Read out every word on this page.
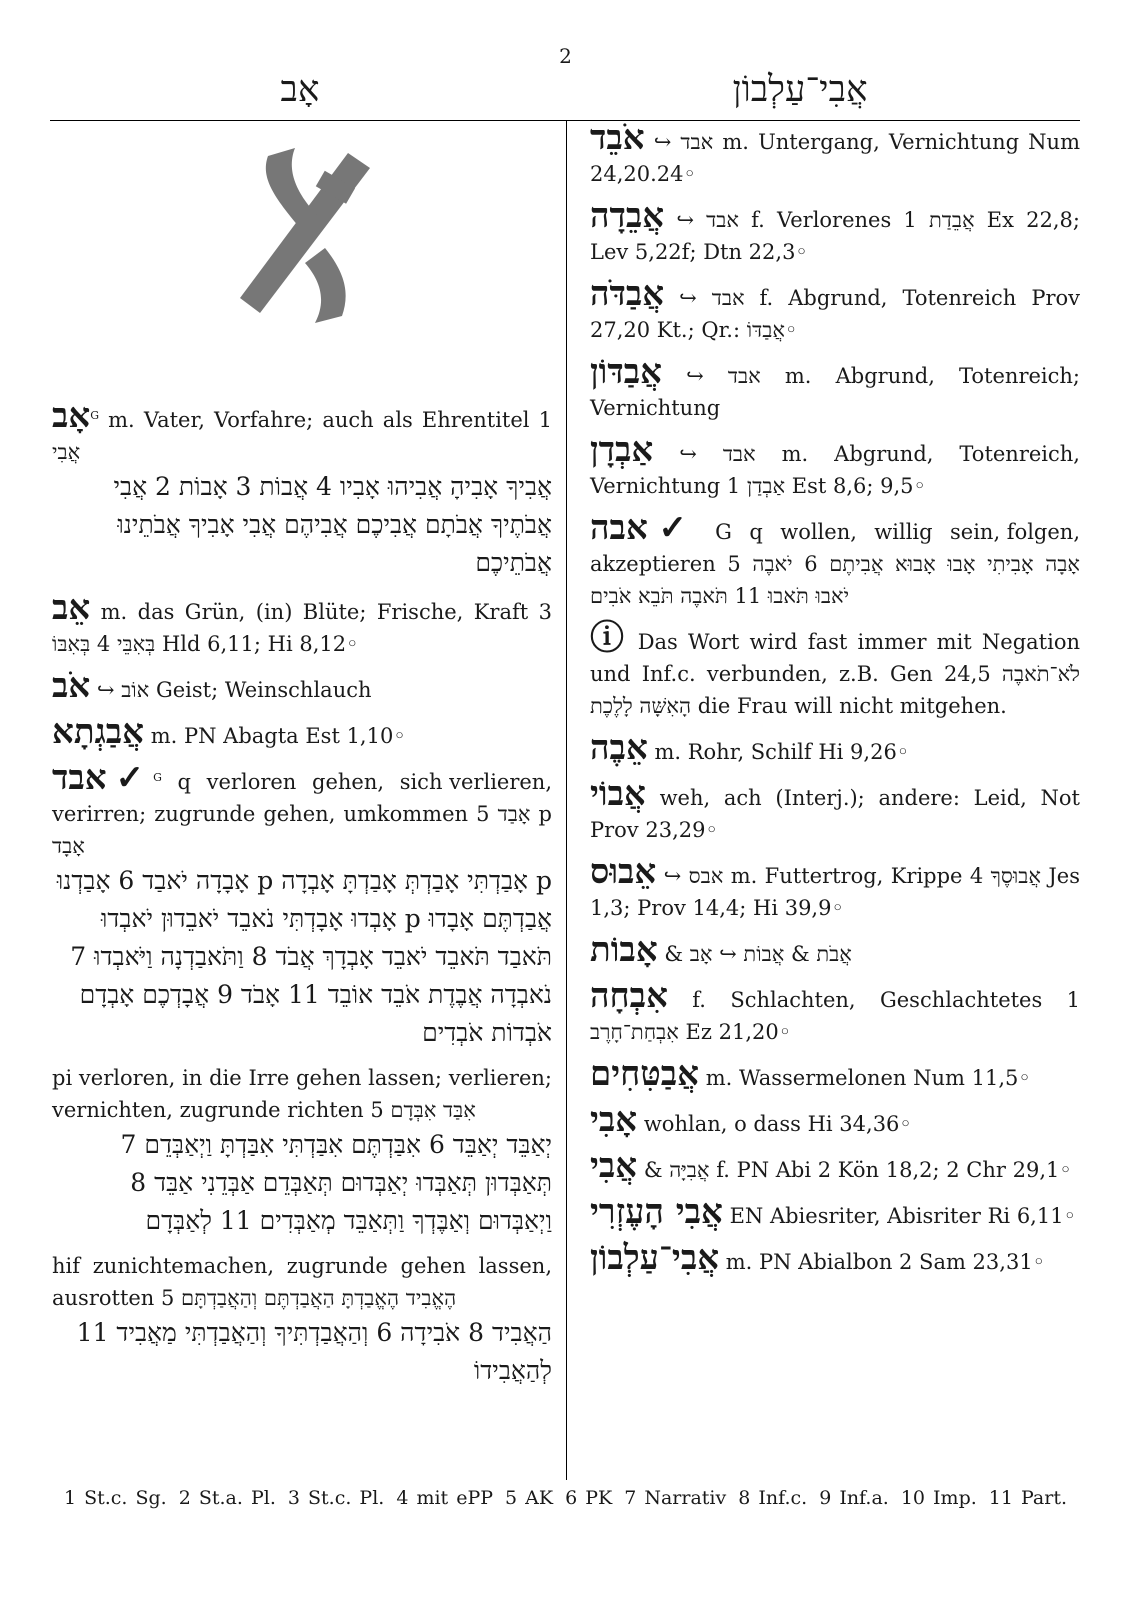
2
אָב	אֲבִי־עַלְבוֹן
אָב$^G$ m. Vater, Vorfahre; auch als Ehrentitel 1 אֲבִי
אֲבִיךָ אָבִיהָ אֲבִיהוּ אָבִיו 4 אֲבוֹת 3 אָבוֹת 2 אֲבִי אֲבֹתֶיךָ אֲבֹתָם אֲבִיכֶם אֲבִיהֶם אֲבִי אָבִיךָ אֲבֹתֵינוּ אֲבֹתֵיכֶם
אֵב m. das Grün, (in) Blüte; Frische, Kraft 3 בְּאִבֵּי 4 בְּאִבּוֹ Hld 6,11; Hi 8,12◦
אֹב ↪ אוֹב Geist; Weinschlauch
אֲבַגְתָא m. PN Abagta Est 1,10◦
✓אבד$^G$ q verloren gehen, sich verlieren, verirren; zugrunde gehen, umkommen 5 אָבַד p אָבָד
p אָבַדְתִּי אָבַדְתְּ אָבַדְתָּ אָבְדָה p אָבָדָה יֹאבַד 6 אָבַדְנוּ אֲבַדְתֶּם אָבָדוּ p אָבְדוּ אָבָדְתִּי נֹאבֵד יֹאבֵדוּן יֹאבְדוּ תֹּאבַד תֹּאבֵד יֹאבֵד אָבְדָךְ אֲבֹד 8 וַתֹּאבַדְנָה וַיֹּאבְדוּ 7 נֹאבְדָה אֲבֶדֶת אֹבֵד אוֹבֵד 11 אָבֹד 9 אֲבָדְכֶם אָבְדָם אֹבְדוֹת אֹבְדִים
pi verloren, in die Irre gehen lassen; verlieren; vernichten, zugrunde richten 5 אִבַּד אִבְּדָם
יְאַבֵּד יְאַבֵּד 6 אִבַּדְתֶּם אִבַּדְתִּי אִבַּדְתָּ וַיְאַבְּדֵם 7 תְּאַבְּדוּן תְּאַבְּדוּ יְאַבְּדוּם תְּאַבְּדֵם אַבְּדֵנִי אַבֵּד 8 וַיְאַבְּדוּם וְאַבֶּדְךָ וַתְּאַבֵּד מְאַבְּדִים 11 לְאַבְּדָם
hif zunichtemachen, zugrunde gehen lassen, ausrotten 5 הֶאֱבִיד הֶאֱבַדְתָּ הַאֲבַדְתֶּם וְהַאֲבַדְתָּם
הַאֲבִיד 8 אֹבִידָה 6 וְהַאֲבַדְתִּיךָ וְהַאֲבַדְתִּי מַאֲבִיד 11 לְהַאֲבִידוֹ
אֹבֵד ↪ אבד m. Untergang, Vernichtung Num 24,20.24◦
אֲבֵדָה ↪ אבד f. Verlorenes 1 אֲבֵדַת Ex 22,8; Lev 5,22f; Dtn 22,3◦
אֲבַדֹּה ↪ אבד f. Abgrund, Totenreich Prov 27,20 Kt.; Qr.: אֲבַדּוֹ◦
אֲבַדּוֹן ↪ אבד m. Abgrund, Totenreich; Vernichtung
אַבְדָן ↪ אבד m. Abgrund, Totenreich, Vernichtung 1 אַבְדַן Est 8,6; 9,5◦
✓אבה G q wollen, willig sein, folgen, akzeptieren 5 אָבָה אָבִיתִי אָבוּ אָבוּא אֲבִיתֶם 6 יֹאבֶה יֹאבוּ תֹּאבוּ 11 תֹּאבֶה תֹּבֵא אֹבִים
ⓘ Das Wort wird fast immer mit Negation und Inf.c. verbunden, z.B. Gen 24,5 לֹא־תֹאבֶה הָאִשָּׁה לָלֶכֶת die Frau will nicht mitgehen.
אֵבֶה m. Rohr, Schilf Hi 9,26◦
אֲבוֹי weh, ach (Interj.); andere: Leid, Not Prov 23,29◦
אֵבוּס ↪ אבס m. Futtertrog, Krippe 4 אֲבוּסֶךָ Jes 1,3; Prov 14,4; Hi 39,9◦
אָבוֹת & אֲבֹת & אֲבוֹת ↪ אָב
אִבְחָה f. Schlachten, Geschlachtetes 1 אִבְחַת־חָרֶב Ez 21,20◦
אֲבַטִּחִים m. Wassermelonen Num 11,5◦
אָבִי wohlan, o dass Hi 34,36◦
אֲבִי & אֲבִיָּה f. PN Abi 2 Kön 18,2; 2 Chr 29,1◦
אֲבִי הָעֶזְרִי EN Abiesriter, Abisriter Ri 6,11◦
אֲבִי־עַלְבוֹן m. PN Abialbon 2 Sam 23,31◦
1 St.c. Sg. 2 St.a. Pl. 3 St.c. Pl. 4 mit ePP 5 AK 6 PK 7 Narrativ 8 Inf.c. 9 Inf.a. 10 Imp. 11 Part.
